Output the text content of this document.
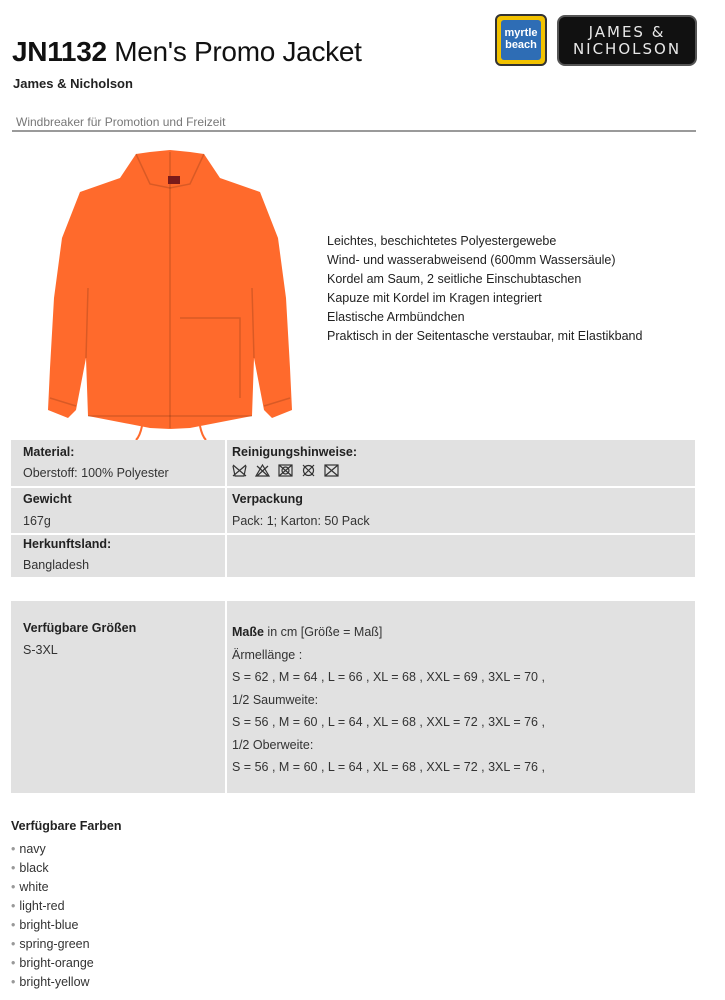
JN1132 Men's Promo Jacket
James & Nicholson
myrtle
beach
JAMES &
NICHOLSON
Windbreaker für Promotion und Freizeit
Leichtes, beschichtetes Polyestergewebe
Wind- und wasserabweisend (600mm Wassersäule)
Kordel am Saum, 2 seitliche Einschubtaschen
Kapuze mit Kordel im Kragen integriert
Elastische Armbündchen
Praktisch in der Seitentasche verstaubar, mit Elastikband
Material:
Oberstoff: 100% Polyester
Reinigungshinweise:
Gewicht
167g
Verpackung
Pack: 1; Karton: 50 Pack
Herkunftsland:
Bangladesh
Verfügbare Größen
S-3XL
Maße in cm [Größe = Maß]
Ärmellänge :
S = 62 , M = 64 , L = 66 , XL = 68 , XXL = 69 , 3XL = 70 ,
1/2 Saumweite:
S = 56 , M = 60 , L = 64 , XL = 68 , XXL = 72 , 3XL = 76 ,
1/2 Oberweite:
S = 56 , M = 60 , L = 64 , XL = 68 , XXL = 72 , 3XL = 76 ,
Verfügbare Farben
• navy
• black
• white
• light-red
• bright-blue
• spring-green
• bright-orange
• bright-yellow
